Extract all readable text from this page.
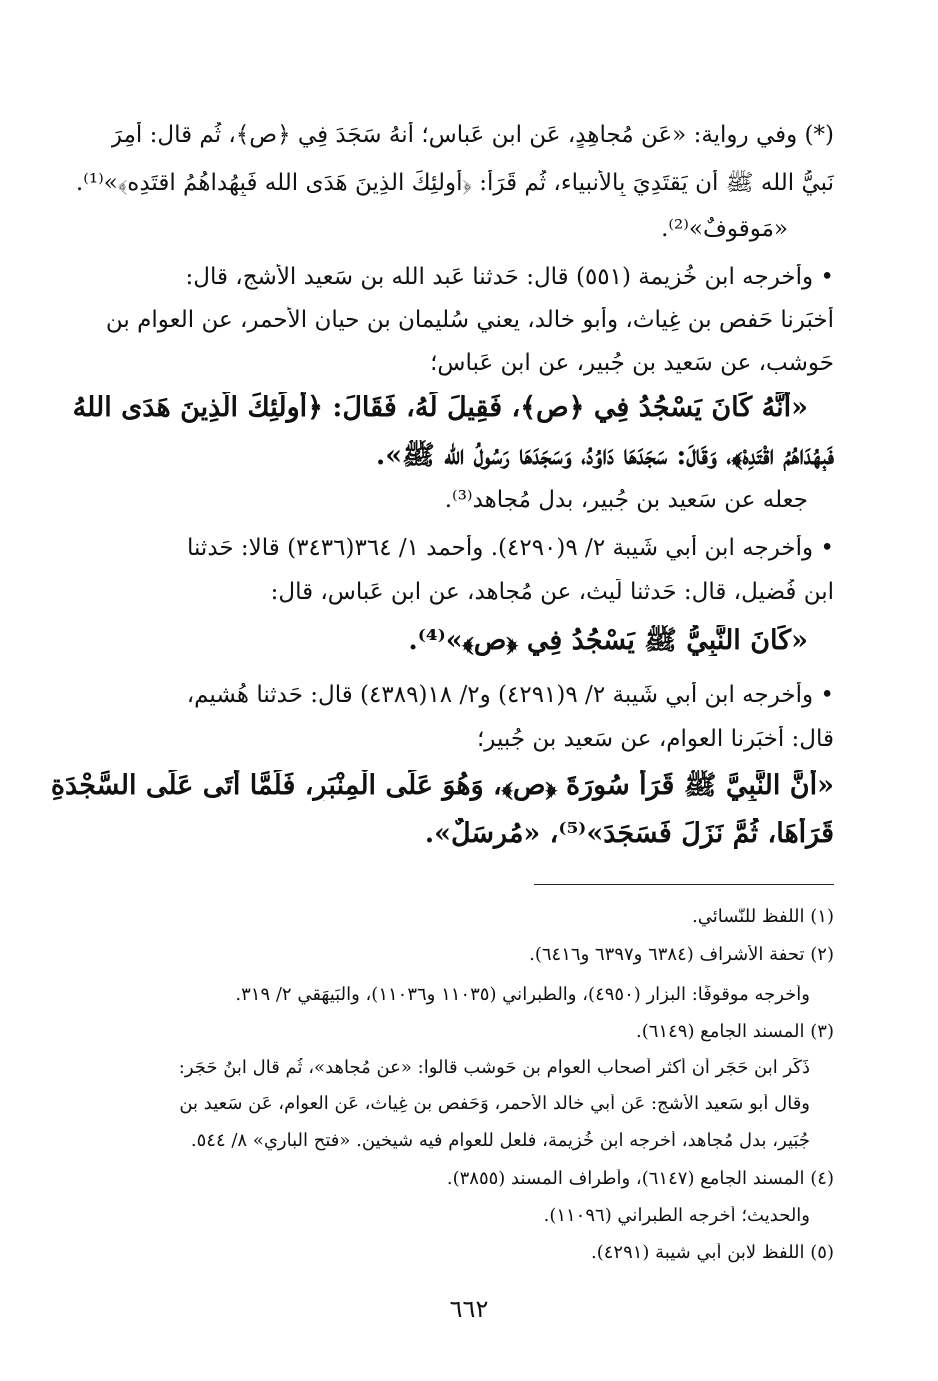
(*) وفي رواية: «عَن مُجاهِدٍ، عَن ابن عَباسٍ؛ أَنهُ سَجَدَ فِي ﴿ص﴾، ثُم قال: أُمِرَ
نَبيُّ الله ﷺ أَن يَقتَدِيَ بِالأَنبياء، ثُم قَرَأَ: ﴿أُولئِكَ الذِينَ هَدَى الله فَبِهُداهُمُ اقتَدِه﴾»⁽¹⁾.
«مَوقوفٌ»⁽²⁾.
• وأخرجه ابن خُزيمة (٥٥١) قال: حَدثنا عَبد الله بن سَعيد الأَشج، قال:
أَخبَرنا حَفص بن غِياث، وأَبو خالد، يعني سُليمان بن حيان الأَحمر، عن العوام بن
حَوشب، عن سَعيد بن جُبير، عن ابن عَباس؛
«أَنَّهُ كَانَ يَسْجُدُ فِي ﴿ص﴾، فَقِيلَ لَهُ، فَقَالَ: ﴿أُولَئِكَ الَّذِينَ هَدَى اللهُ
فَبِهُدَاهُمُ اقْتَدِهْ﴾، وَقَالَ: سَجَدَهَا دَاوُدُ، وَسَجَدَهَا رَسُولُ الله ﷺ».
جعله عن سَعيد بن جُبير، بدل مُجاهد⁽³⁾.
• وأَخرجه ابن أَبي شَيبة ٢/ ٩(٤٢٩٠). وأَحمد ١/ ٣٦٤(٣٤٣٦) قالا: حَدثنا
ابن فُضيل، قال: حَدثنا لَيث، عن مُجاهد، عن ابن عَباس، قال:
«كَانَ النَّبِيُّ ﷺ يَسْجُدُ فِي ﴿ص﴾»⁽⁴⁾.
• وأَخرجه ابن أَبي شَيبة ٢/ ٩(٤٢٩١) و٢/ ١٨(٤٣٨٩) قال: حَدثنا هُشيم،
قال: أَخبَرنا العوام، عن سَعيد بن جُبير؛
«أَنَّ النَّبِيَّ ﷺ قَرَأَ سُورَةَ ﴿ص﴾، وَهُوَ عَلَى الْمِنْبَرِ، فَلَمَّا أَتَى عَلَى السَّجْدَةِ
قَرَأَهَا، ثُمَّ نَزَلَ فَسَجَدَ»⁽⁵⁾، «مُرسَلٌ».
(١) اللفظ للنَّسائي.
(٢) تحفة الأَشراف (٦٣٨٤ و٦٣٩٧ و٦٤١٦).
وأَخرجه موقوفًا: البزار (٤٩٥٠)، والطَّبراني (١١٠٣٥ و١١٠٣٦)، والبَيهَقي ٢/ ٣١٩.
(٣) المسند الجامع (٦١٤٩).
ذَكَر ابن حَجَر أَن أَكثر أَصحاب العوام بن حَوشب قالوا: «عن مُجاهد»، ثُم قال ابنُ حَجَر:
وقال أَبو سَعيد الأَشج: عَن أَبي خالد الأَحمر، وَحَفص بن غِياث، عَن العوام، عَن سَعيد بن
جُبَير، بدل مُجاهد، أَخرجه ابن خُزيمة، فلعل للعوام فيه شيخين. «فتح الباري» ٨/ ٥٤٤.
(٤) المسند الجامع (٦١٤٧)، وأَطراف المسند (٣٨٥٥).
والحديث؛ أَخرجه الطَّبراني (١١٠٩٦).
(٥) اللفظ لابن أَبي شيبة (٤٢٩١).
٦٦٢
